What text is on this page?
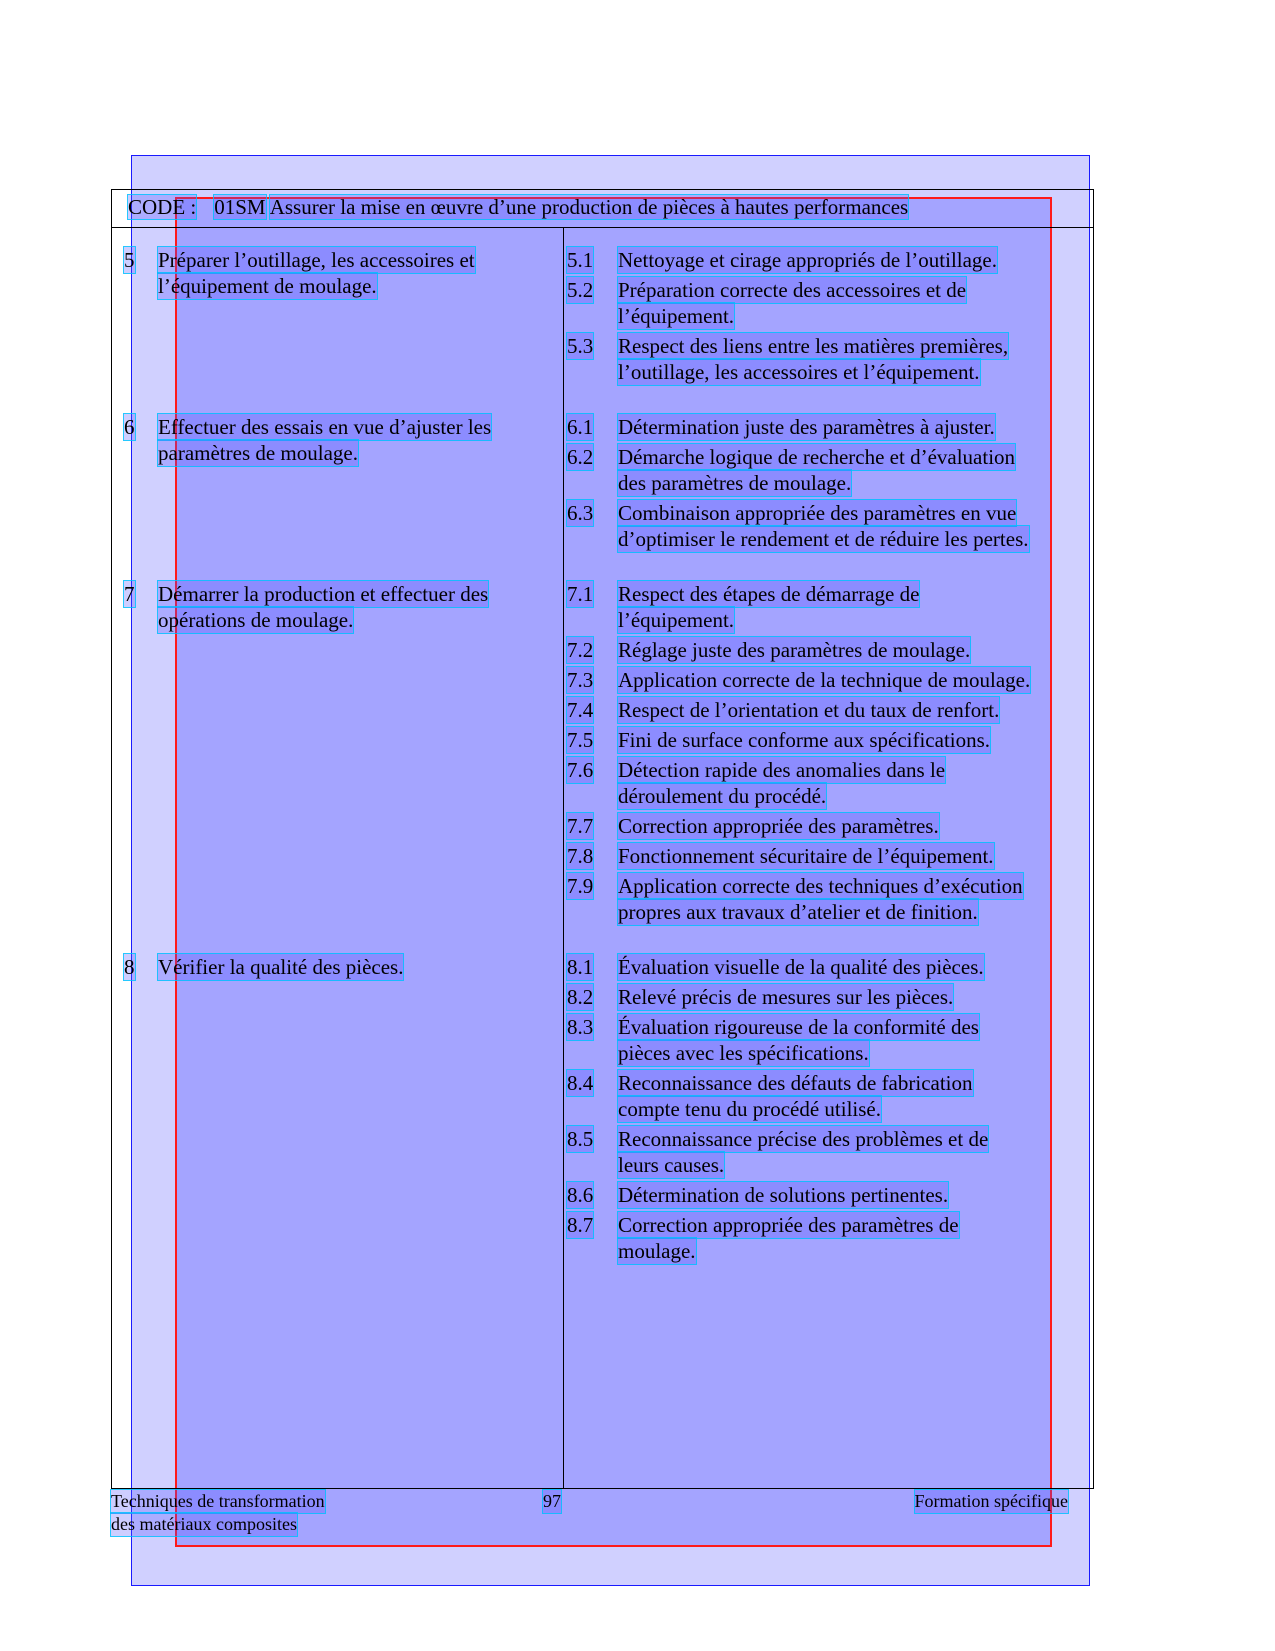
CODE : 01SM Assurer la mise en œuvre d’une production de pièces à hautes performances
5 Préparer l’outillage, les accessoires et
l’équipement de moulage.
5.1 Nettoyage et cirage appropriés de l’outillage.
5.2 Préparation correcte des accessoires et de
l’équipement.
5.3 Respect des liens entre les matières premières,
l’outillage, les accessoires et l’équipement.
6 Effectuer des essais en vue d’ajuster les
paramètres de moulage.
6.1 Détermination juste des paramètres à ajuster.
6.2 Démarche logique de recherche et d’évaluation
des paramètres de moulage.
6.3 Combinaison appropriée des paramètres en vue
d’optimiser le rendement et de réduire les pertes.
7 Démarrer la production et effectuer des
opérations de moulage.
7.1 Respect des étapes de démarrage de
l’équipement.
7.2 Réglage juste des paramètres de moulage.
7.3 Application correcte de la technique de moulage.
7.4 Respect de l’orientation et du taux de renfort.
7.5 Fini de surface conforme aux spécifications.
7.6 Détection rapide des anomalies dans le
déroulement du procédé.
7.7 Correction appropriée des paramètres.
7.8 Fonctionnement sécuritaire de l’équipement.
7.9 Application correcte des techniques d’exécution
propres aux travaux d’atelier et de finition.
8 Vérifier la qualité des pièces.	8.1 Évaluation visuelle de la qualité des pièces.
8.2 Relevé précis de mesures sur les pièces.
8.3 Évaluation rigoureuse de la conformité des
pièces avec les spécifications.
8.4 Reconnaissance des défauts de fabrication
compte tenu du procédé utilisé.
8.5 Reconnaissance précise des problèmes et de
leurs causes.
8.6 Détermination de solutions pertinentes.
8.7 Correction appropriée des paramètres de
moulage.
Techniques de transformation
des matériaux composites
97	Formation spécifique
